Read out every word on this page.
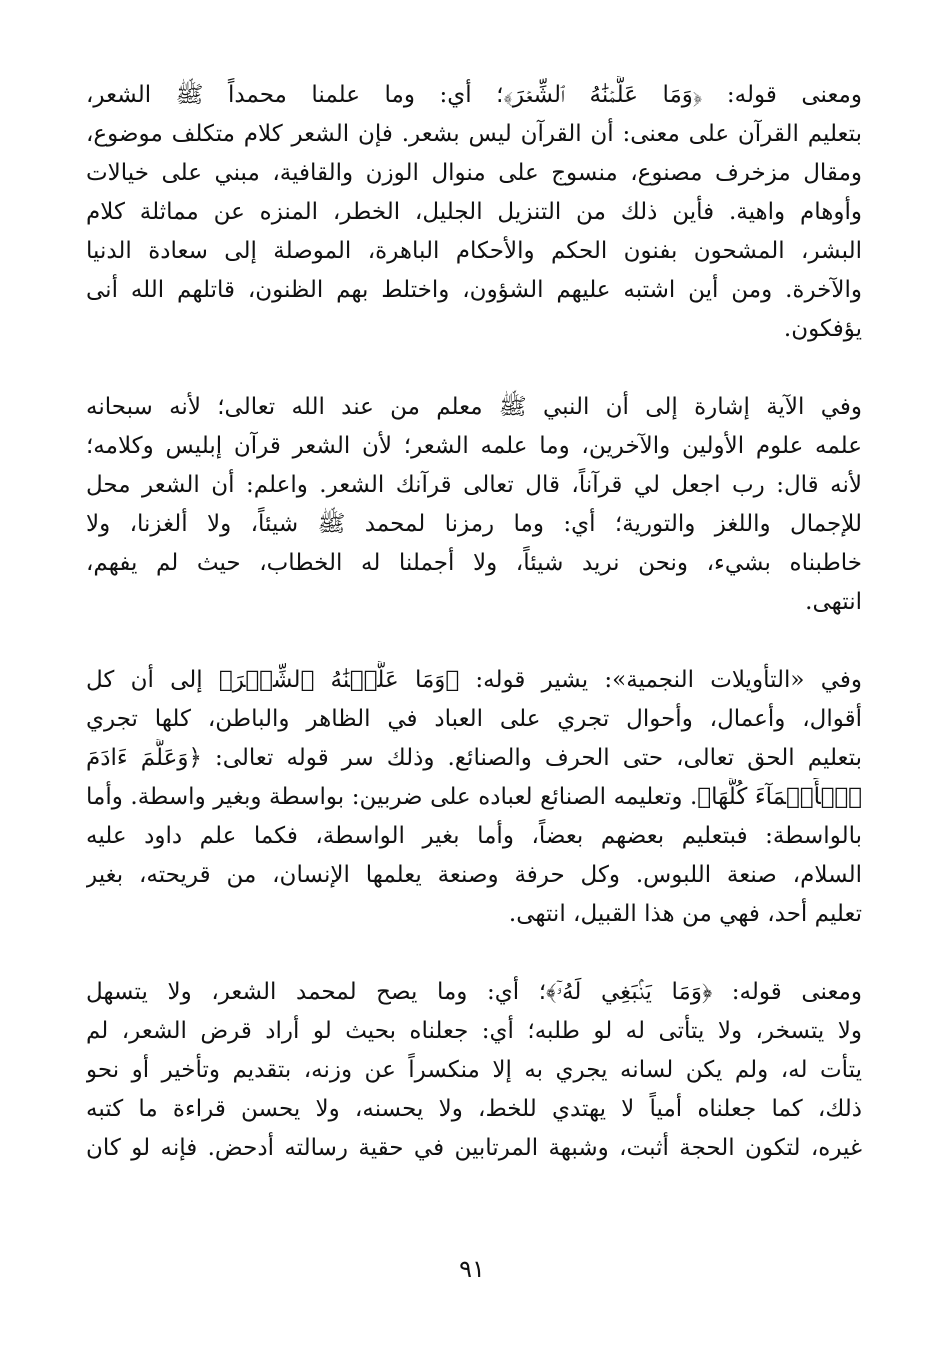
ومعنى قوله: ﴿وَمَا عَلَّمۡنَٰهُ ٱلشِّعۡرَ﴾؛ أي: وما علمنا محمداً ﷺ الشعر،
بتعليم القرآن على معنى: أن القرآن ليس بشعر. فإن الشعر كلام متكلف موضوع،
ومقال مزخرف مصنوع، منسوج على منوال الوزن والقافية، مبني على خيالات
وأوهام واهية. فأين ذلك من التنزيل الجليل، الخطر، المنزه عن مماثلة كلام
البشر، المشحون بفنون الحكم والأحكام الباهرة، الموصلة إلى سعادة الدنيا
والآخرة. ومن أين اشتبه عليهم الشؤون، واختلط بهم الظنون، قاتلهم الله أنى
يؤفكون.
وفي الآية إشارة إلى أن النبي ﷺ معلم من عند الله تعالى؛ لأنه سبحانه
علمه علوم الأولين والآخرين، وما علمه الشعر؛ لأن الشعر قرآن إبليس وكلامه؛
لأنه قال: رب اجعل لي قرآناً، قال تعالى قرآنك الشعر. واعلم: أن الشعر محل
للإجمال واللغز والتورية؛ أي: وما رمزنا لمحمد ﷺ شيئاً، ولا ألغزنا، ولا
خاطبناه بشيء، ونحن نريد شيئاً، ولا أجملنا له الخطاب، حيث لم يفهم،
انتهى.
وفي «التأويلات النجمية»: يشير قوله: ﴿وَمَا عَلَّمۡنَٰهُ ٱلشِّعۡرَ﴾ إلى أن كل
أقوال، وأعمال، وأحوال تجري على العباد في الظاهر والباطن، كلها تجري
بتعليم الحق تعالى، حتى الحرف والصنائع. وذلك سر قوله تعالى: ﴿وَعَلَّمَ ءَادَمَ
ٱلۡأَسۡمَآءَ كُلَّهَا﴾. وتعليمه الصنائع لعباده على ضربين: بواسطة وبغير واسطة. وأما
بالواسطة: فبتعليم بعضهم بعضاً، وأما بغير الواسطة، فكما علم داود عليه
السلام، صنعة اللبوس. وكل حرفة وصنعة يعلمها الإنسان، من قريحته، بغير
تعليم أحد، فهي من هذا القبيل، انتهى.
ومعنى قوله: ﴿وَمَا يَنۢبَغِي لَهُۥٓ﴾؛ أي: وما يصح لمحمد الشعر، ولا يتسهل
ولا يتسخر، ولا يتأتى له لو طلبه؛ أي: جعلناه بحيث لو أراد قرض الشعر، لم
يتأت له، ولم يكن لسانه يجري به إلا منكسراً عن وزنه، بتقديم وتأخير أو نحو
ذلك، كما جعلناه أمياً لا يهتدي للخط، ولا يحسنه، ولا يحسن قراءة ما كتبه
غيره، لتكون الحجة أثبت، وشبهة المرتابين في حقية رسالته أدحض. فإنه لو كان
٩١
